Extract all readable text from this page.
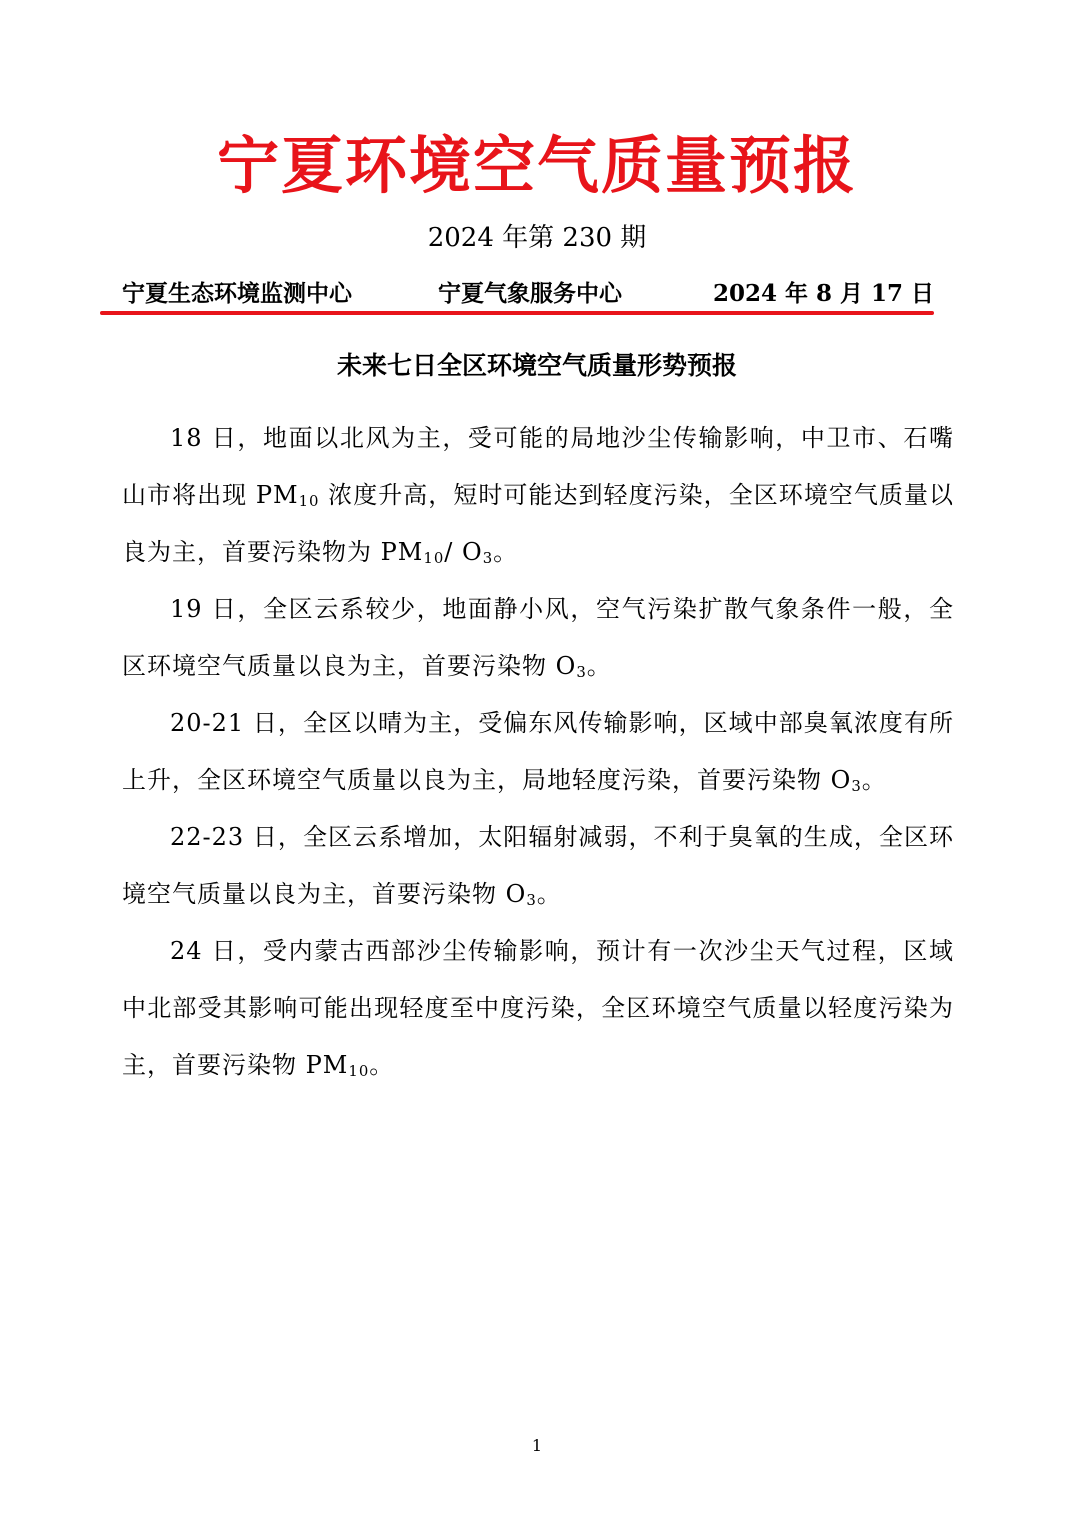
宁夏环境空气质量预报
2024 年第 230 期
宁夏生态环境监测中心	宁夏气象服务中心	2024 年 8 月 17 日
未来七日全区环境空气质量形势预报

18 日，地面以北风为主，受可能的局地沙尘传输影响，中卫市、石嘴山市将出现 $PM_{10}$ 浓度升高，短时可能达到轻度污染，全区环境空气质量以良为主，首要污染物为 $PM_{10}/$ $O_3$。

19 日，全区云系较少，地面静小风，空气污染扩散气象条件一般，全区环境空气质量以良为主，首要污染物 $O_3$。

20-21 日，全区以晴为主，受偏东风传输影响，区域中部臭氧浓度有所上升，全区环境空气质量以良为主，局地轻度污染，首要污染物 $O_3$。

22-23 日，全区云系增加，太阳辐射减弱，不利于臭氧的生成，全区环境空气质量以良为主，首要污染物 $O_3$。

24 日，受内蒙古西部沙尘传输影响，预计有一次沙尘天气过程，区域中北部受其影响可能出现轻度至中度污染，全区环境空气质量以轻度污染为主，首要污染物 $PM_{10}$。

1
